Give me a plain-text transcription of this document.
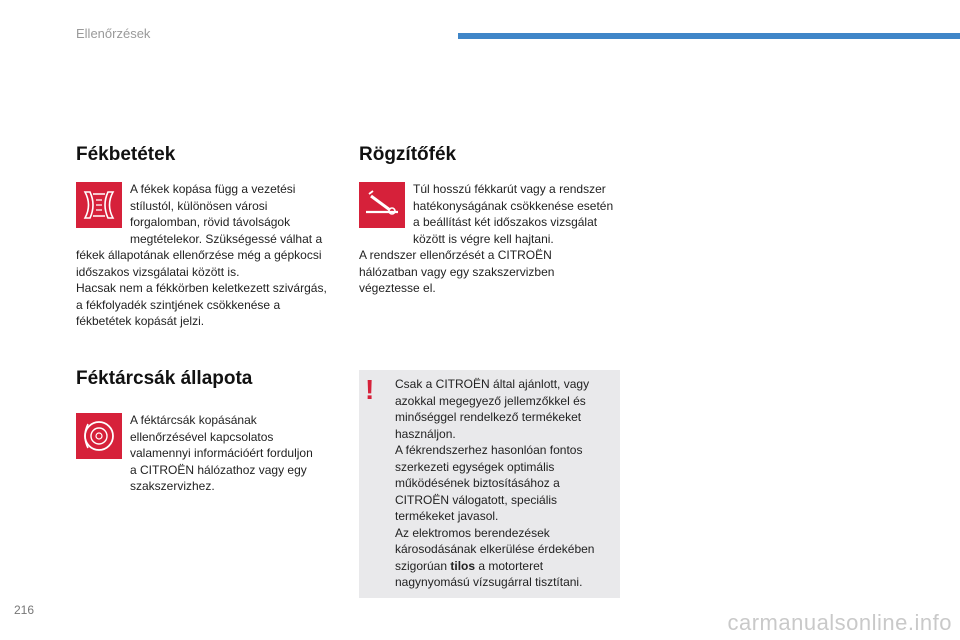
Ellenőrzések
Fékbetétek
A fékek kopása függ a vezetési
stílustól, különösen városi
forgalomban, rövid távolságok
megtételekor. Szükségessé válhat a
fékek állapotának ellenőrzése még a gépkocsi
időszakos vizsgálatai között is.
Hacsak nem a fékkörben keletkezett szivárgás,
a fékfolyadék szintjének csökkenése a
fékbetétek kopását jelzi.
Rögzítőfék
Túl hosszú fékkarút vagy a rendszer
hatékonyságának csökkenése esetén
a beállítást két időszakos vizsgálat
között is végre kell hajtani.
A rendszer ellenőrzését a CITROËN
hálózatban vagy egy szakszervizben
végeztesse el.
Féktárcsák állapota
A féktárcsák kopásának
ellenőrzésével kapcsolatos
valamennyi információért forduljon
a CITROËN hálózathoz vagy egy
szakszervizhez.
! Csak a CITROËN által ajánlott, vagy
azokkal megegyező jellemzőkkel és
minőséggel rendelkező termékeket
használjon.
A fékrendszerhez hasonlóan fontos
szerkezeti egységek optimális
működésének biztosításához a
CITROËN válogatott, speciális
termékeket javasol.
Az elektromos berendezések
károsodásának elkerülése érdekében
szigorúan tilos a motorteret
nagynyomású vízsugárral tisztítani.
216	carmanualsonline.info
